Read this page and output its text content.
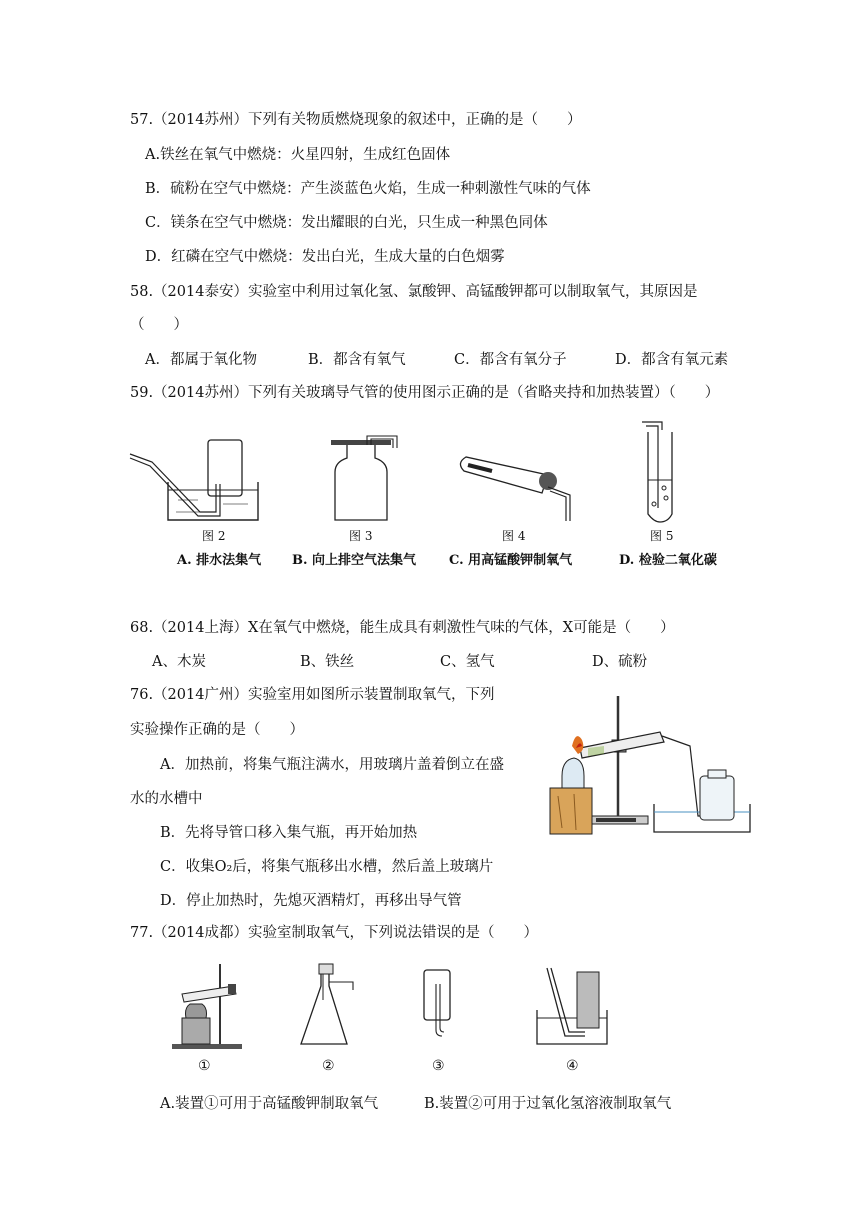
57.（2014苏州）下列有关物质燃烧现象的叙述中，正确的是（　　）
A.铁丝在氧气中燃烧：火星四射，生成红色固体
B．硫粉在空气中燃烧：产生淡蓝色火焰，生成一种刺激性气味的气体
C．镁条在空气中燃烧：发出耀眼的白光，只生成一种黑色同体
D．红磷在空气中燃烧：发出白光，生成大量的白色烟雾
58.（2014泰安）实验室中利用过氧化氢、氯酸钾、高锰酸钾都可以制取氧气，其原因是
（　　）
A．都属于氧化物	B．都含有氧气	C．都含有氧分子	D．都含有氧元素
59.（2014苏州）下列有关玻璃导气管的使用图示正确的是（省略夹持和加热装置）（　　）
图 2	图 3	图 4	图 5
A. 排水法集气 B. 向上排空气法集气	C. 用高锰酸钾制氧气	D. 检验二氧化碳
68.（2014上海）X在氧气中燃烧，能生成具有刺激性气味的气体，X可能是（　　）
A、木炭	B、铁丝	C、氢气	D、硫粉
76.（2014广州）实验室用如图所示装置制取氧气，下列
实验操作正确的是（　　）
A．加热前，将集气瓶注满水，用玻璃片盖着倒立在盛
水的水槽中
B．先将导管口移入集气瓶，再开始加热
C．收集O₂后，将集气瓶移出水槽，然后盖上玻璃片
D．停止加热时，先熄灭酒精灯，再移出导气管
77.（2014成都）实验室制取氧气，下列说法错误的是（　　）
①	②	③	④
A.装置①可用于高锰酸钾制取氧气	B.装置②可用于过氧化氢溶液制取氧气
